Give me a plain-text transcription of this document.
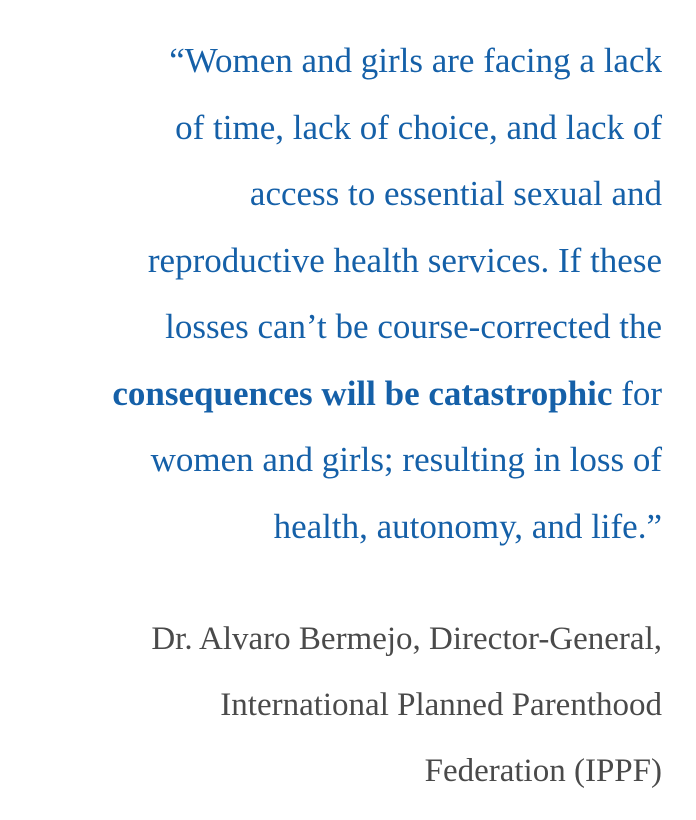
“Women and girls are facing a lack
of time, lack of choice, and lack of
access to essential sexual and
reproductive health services. If these
losses can’t be course-corrected the
consequences will be catastrophic for
women and girls; resulting in loss of
health, autonomy, and life.”

Dr. Alvaro Bermejo, Director-General,
International Planned Parenthood
Federation (IPPF)
